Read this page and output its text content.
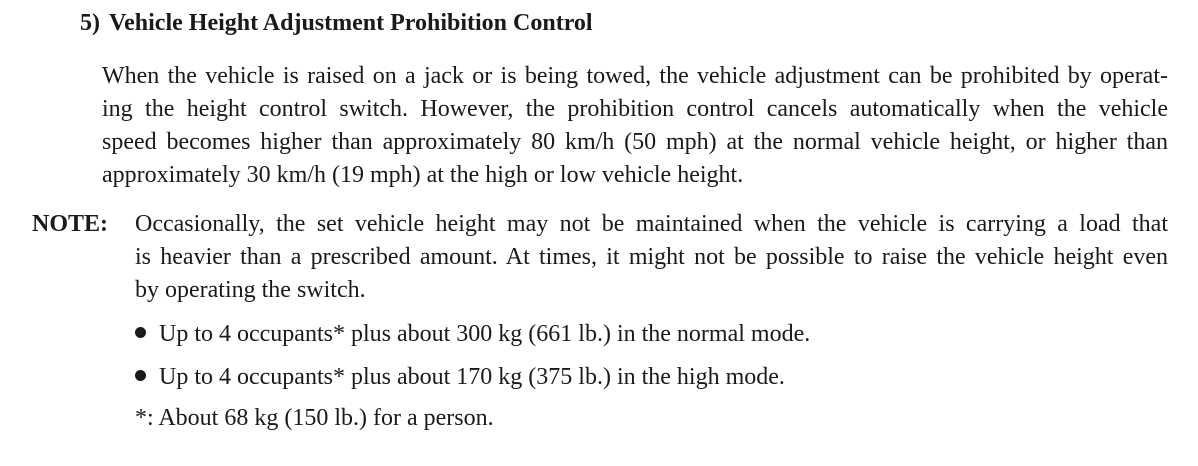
5) Vehicle Height Adjustment Prohibition Control
When the vehicle is raised on a jack or is being towed, the vehicle adjustment can be prohibited by operat-
ing the height control switch. However, the prohibition control cancels automatically when the vehicle
speed becomes higher than approximately 80 km/h (50 mph) at the normal vehicle height, or higher than
approximately 30 km/h (19 mph) at the high or low vehicle height.
NOTE: Occasionally, the set vehicle height may not be maintained when the vehicle is carrying a load that
is heavier than a prescribed amount. At times, it might not be possible to raise the vehicle height even
by operating the switch.
Up to 4 occupants* plus about 300 kg (661 lb.) in the normal mode.
Up to 4 occupants* plus about 170 kg (375 lb.) in the high mode.
*: About 68 kg (150 lb.) for a person.
